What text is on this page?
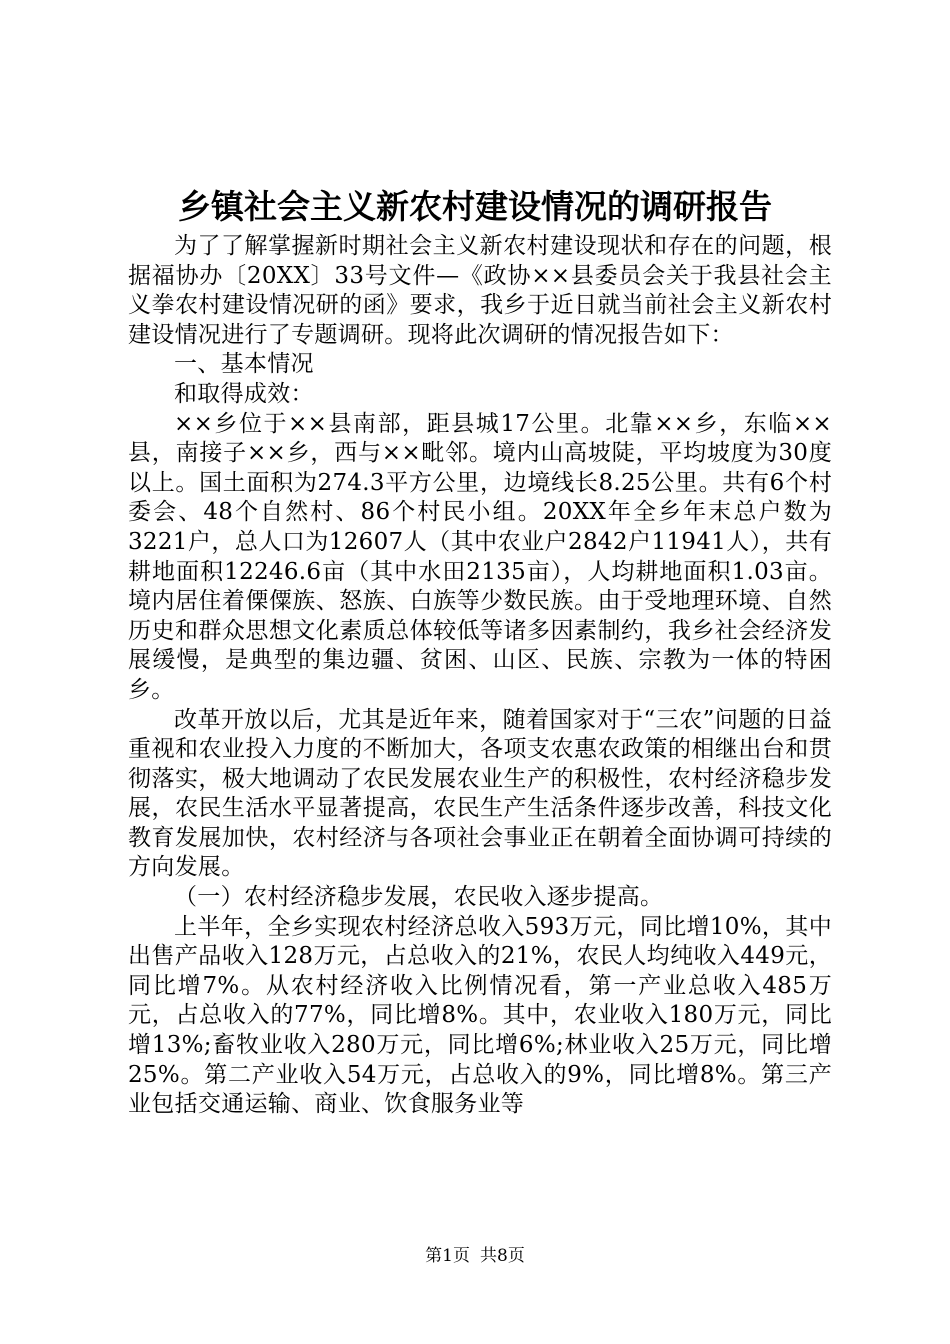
乡镇社会主义新农村建设情况的调研报告

为了了解掌握新时期社会主义新农村建设现状和存在的问题，根据福协办〔20XX〕33号文件—《政协××县委员会关于我县社会主义拳农村建设情况研的函》要求，我乡于近日就当前社会主义新农村建设情况进行了专题调研。现将此次调研的情况报告如下：

一、基本情况

和取得成效：

××乡位于××县南部，距县城17公里。北靠××乡，东临××县，南接子××乡，西与××毗邻。境内山高坡陡，平均坡度为30度以上。国土面积为274.3平方公里，边境线长8.25公里。共有6个村委会、48个自然村、86个村民小组。20XX年全乡年末总户数为3221户，总人口为12607人（其中农业户2842户11941人），共有耕地面积12246.6亩（其中水田2135亩），人均耕地面积1.03亩。境内居住着傈僳族、怒族、白族等少数民族。由于受地理环境、自然历史和群众思想文化素质总体较低等诸多因素制约，我乡社会经济发展缓慢，是典型的集边疆、贫困、山区、民族、宗教为一体的特困乡。

改革开放以后，尤其是近年来，随着国家对于“三农”问题的日益重视和农业投入力度的不断加大，各项支农惠农政策的相继出台和贯彻落实，极大地调动了农民发展农业生产的积极性，农村经济稳步发展，农民生活水平显著提高，农民生产生活条件逐步改善，科技文化教育发展加快，农村经济与各项社会事业正在朝着全面协调可持续的方向发展。

（一）农村经济稳步发展，农民收入逐步提高。

上半年，全乡实现农村经济总收入593万元，同比增10%，其中出售产品收入128万元，占总收入的21%，农民人均纯收入449元，同比增7%。从农村经济收入比例情况看，第一产业总收入485万元，占总收入的77%，同比增8%。其中，农业收入180万元，同比增13%;畜牧业收入280万元，同比增6%;林业收入25万元，同比增25%。第二产业收入54万元，占总收入的9%，同比增8%。第三产业包括交通运输、商业、饮食服务业等

第1页 共8页
